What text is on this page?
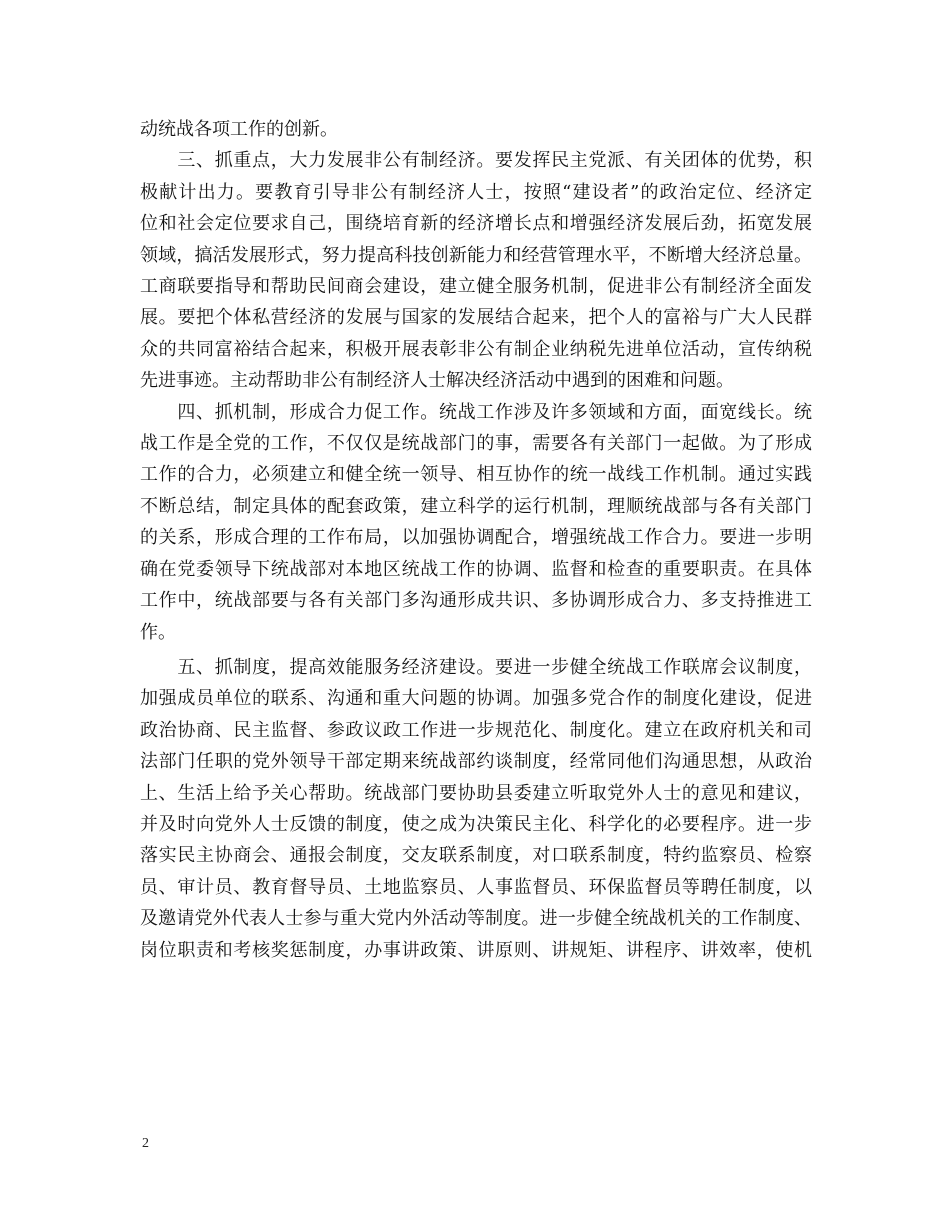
动统战各项工作的创新。
　　三、抓重点，大力发展非公有制经济。要发挥民主党派、有关团体的优势，积
极献计出力。要教育引导非公有制经济人士，按照“建设者”的政治定位、经济定
位和社会定位要求自己，围绕培育新的经济增长点和增强经济发展后劲，拓宽发展
领域，搞活发展形式，努力提高科技创新能力和经营管理水平，不断增大经济总量。
工商联要指导和帮助民间商会建设，建立健全服务机制，促进非公有制经济全面发
展。要把个体私营经济的发展与国家的发展结合起来，把个人的富裕与广大人民群
众的共同富裕结合起来，积极开展表彰非公有制企业纳税先进单位活动，宣传纳税
先进事迹。主动帮助非公有制经济人士解决经济活动中遇到的困难和问题。
　　四、抓机制，形成合力促工作。统战工作涉及许多领域和方面，面宽线长。统
战工作是全党的工作，不仅仅是统战部门的事，需要各有关部门一起做。为了形成
工作的合力，必须建立和健全统一领导、相互协作的统一战线工作机制。通过实践
不断总结，制定具体的配套政策，建立科学的运行机制，理顺统战部与各有关部门
的关系，形成合理的工作布局，以加强协调配合，增强统战工作合力。要进一步明
确在党委领导下统战部对本地区统战工作的协调、监督和检查的重要职责。在具体
工作中，统战部要与各有关部门多沟通形成共识、多协调形成合力、多支持推进工
作。
　　五、抓制度，提高效能服务经济建设。要进一步健全统战工作联席会议制度，
加强成员单位的联系、沟通和重大问题的协调。加强多党合作的制度化建设，促进
政治协商、民主监督、参政议政工作进一步规范化、制度化。建立在政府机关和司
法部门任职的党外领导干部定期来统战部约谈制度，经常同他们沟通思想，从政治
上、生活上给予关心帮助。统战部门要协助县委建立听取党外人士的意见和建议，
并及时向党外人士反馈的制度，使之成为决策民主化、科学化的必要程序。进一步
落实民主协商会、通报会制度，交友联系制度，对口联系制度，特约监察员、检察
员、审计员、教育督导员、土地监察员、人事监督员、环保监督员等聘任制度，以
及邀请党外代表人士参与重大党内外活动等制度。进一步健全统战机关的工作制度、
岗位职责和考核奖惩制度，办事讲政策、讲原则、讲规矩、讲程序、讲效率，使机
2
